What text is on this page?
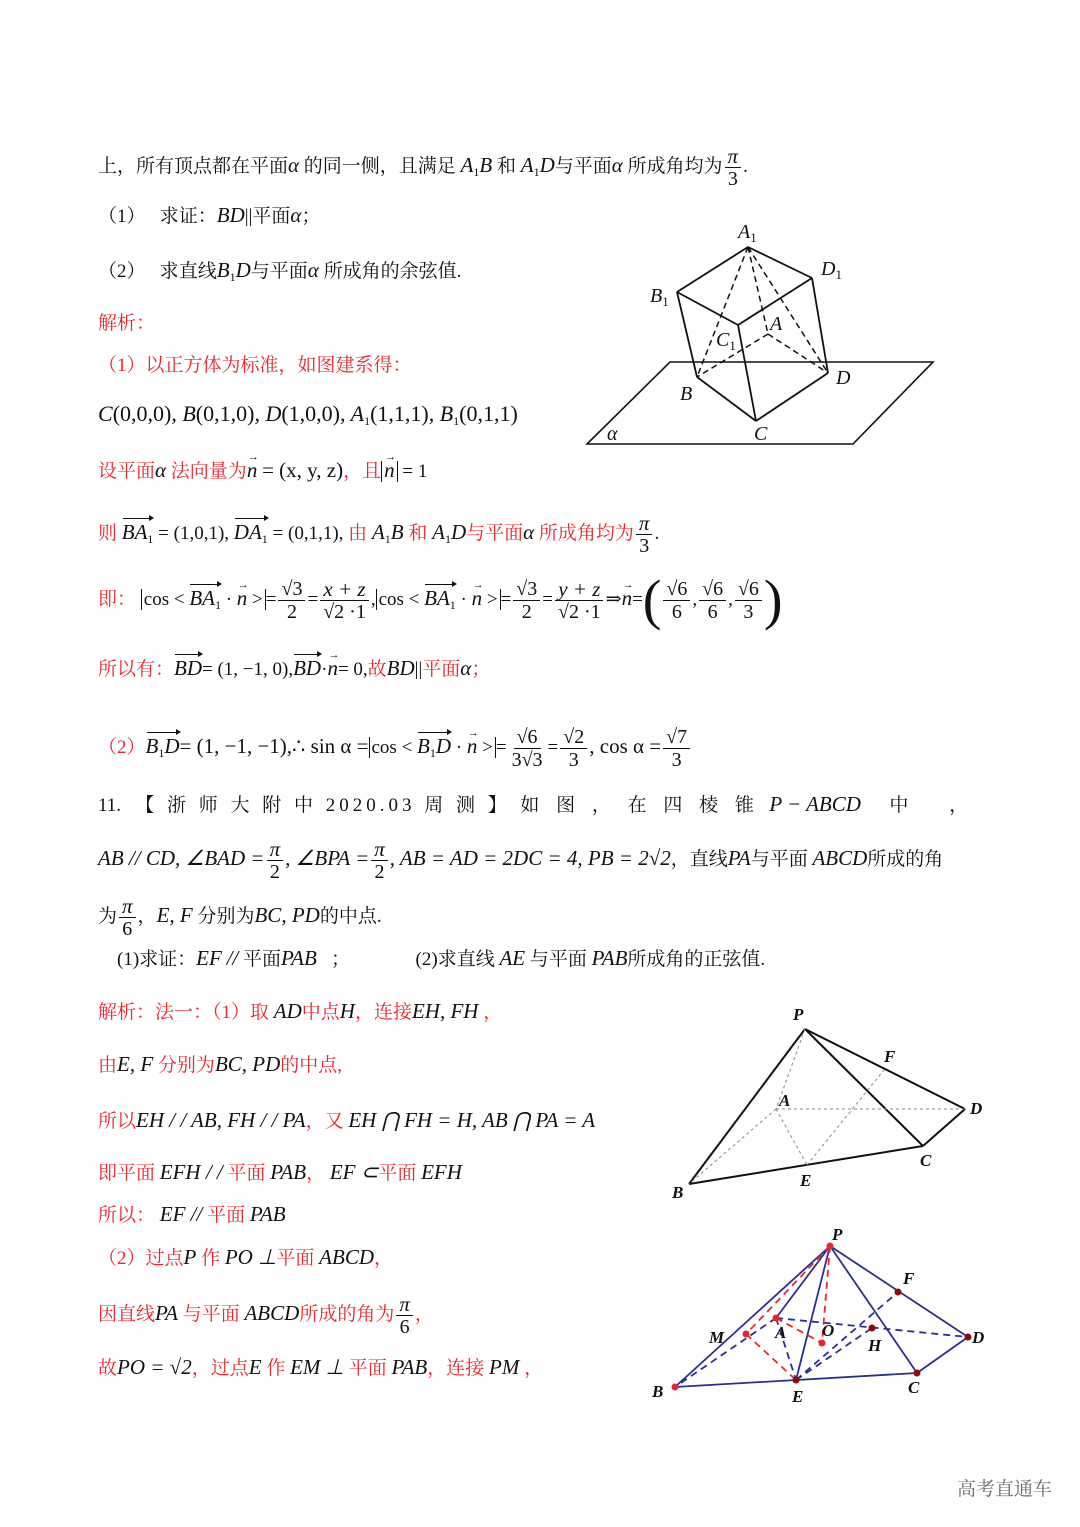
上，所有顶点都在平面α 的同一侧，且满足 $A_1B$ 和 $A_1D$与平面α 所成角均为 $\frac{\pi}{3}$ .
（1） 求证：BD||平面α；
（2） 求直线$B_1D$与平面α 所成角的余弦值.
解析：
（1）以正方体为标准，如图建系得：
C(0,0,0), B(0,1,0), D(1,0,0), $A_1(1,1,1)$, $B_1(0,1,1)$
设平面α 法向量为n → = (x, y, z)，且 n → = 1
则 $BA_1 = (1,0,1)$, $DA_1 = (0,1,1)$, 由 $A_1B$ 和 $A_1D$与平面α 所成角均为 $\frac{\pi}{3}$ .
即： $\cos < BA_1 \cdot n$ → > = $\frac{√3}{2} = \frac{x + z}{√2 \cdot 1}$ , $\cos < BA_1 \cdot n$ → > = $\frac{√3}{2} = \frac{y + z}{√2 \cdot 1}$ ⇒n →=( $\frac{√6}{6}$ , $\frac{√6}{6}$ , $\frac{√6}{3}$ )
所以有：BD= (1, −1, 0),BD·n →= 0,故BD||平面α；
$(2)B_1D= (1$, −1, −1),∴ $\sin \alpha = \cos < B_1D \cdot n$ → > = $\frac{√6}{3√3} = \frac{√2}{3}$ , $\cos \alpha = \frac{√7}{3}$
$A_1$
$D_1$
$B_1$
$C_1$
A
B
D
C
α
11. 【 浙 师 大 附 中 2020.03 周 测 】 如 图 ， 在 四 棱 锥 P − ABCD 中 ，
AB // CD, ∠BAD = $\frac{\pi}{2}$ , ∠BPA = $\frac{\pi}{2}$ , AB = AD = 2DC = 4, PB = 2√2，直线PA与平面 ABCD所成的角
为 $\frac{\pi}{6}$ ，E, F 分别为BC, PD的中点.
(1)求证：EF // 平面PAB ；	(2)求直线 AE 与平面 PAB所成角的正弦值.
解析：法一：（1）取 AD中点H，连接EH, FH ，
由E, F 分别为BC, PD的中点,
所以EH / / AB, FH / / PA，又 EH ⋂ FH = H, AB ⋂ PA = A
即平面 EFH / / 平面 PAB， EF ⊂平面 EFH
所以： EF // 平面 PAB
（2）过点P 作 PO ⊥平面 ABCD，
因直线PA 与平面 ABCD所成的角为 $\frac{\pi}{6}$ ，
故PO = √2，过点E 作 EM ⊥ 平面 PAB，连接 PM ，
P
F
A	D
C
E
B
P
F
M	A O
H	D
C
E
B
高考直通车
